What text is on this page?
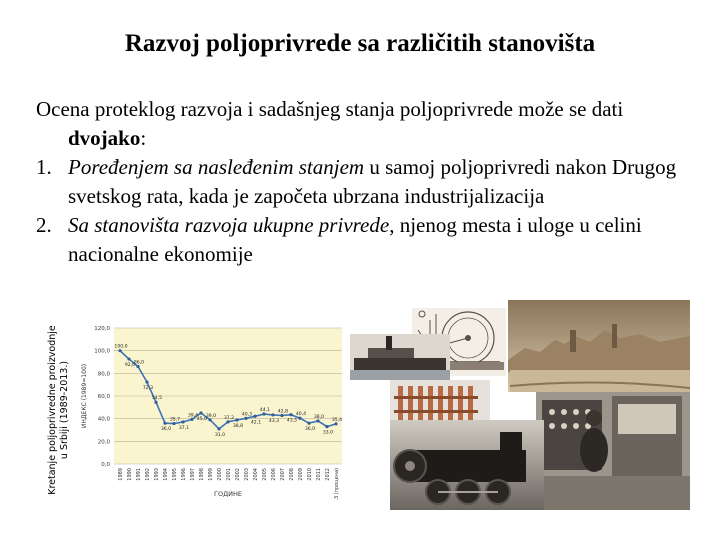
Razvoj poljoprivrede sa različitih stanovišta
Ocena proteklog razvoja i sadašnjeg stanja poljoprivrede može se dati dvojako:
1. Poređenjem sa nasleđenim stanjem u samoj poljoprivredi nakon Drugog svetskog rata, kada je započeta ubrzana industrijalizacija
2. Sa stanovišta razvoja ukupne privrede, njenog mesta i uloge u celini nacionalne ekonomije
Kretanje poljoprivredne proizvodnje u Srbiji (1989-2013.)
0,0
20,0
40,0
60,0
80,0
100,0
120,0
1989 1990 1991 1992 1993 1994 1995 1996 1997 1998 1999 2000 2001 2002 2003 2004 2005 2006 2007 2008 2009 2010 2011 2012 2013 (процена)
100,0
92,6
86,0
72,3
54,5
36,0
35,7
37,1
39,4
45,0
39,0
31,0
37,2
38,8
40,3
42,1
44,1
43,3
42,8
43,5
40,4
36,0
38,0
33,0
35,4
ИНДЕКС (1989=100)
ГОДИНЕ
